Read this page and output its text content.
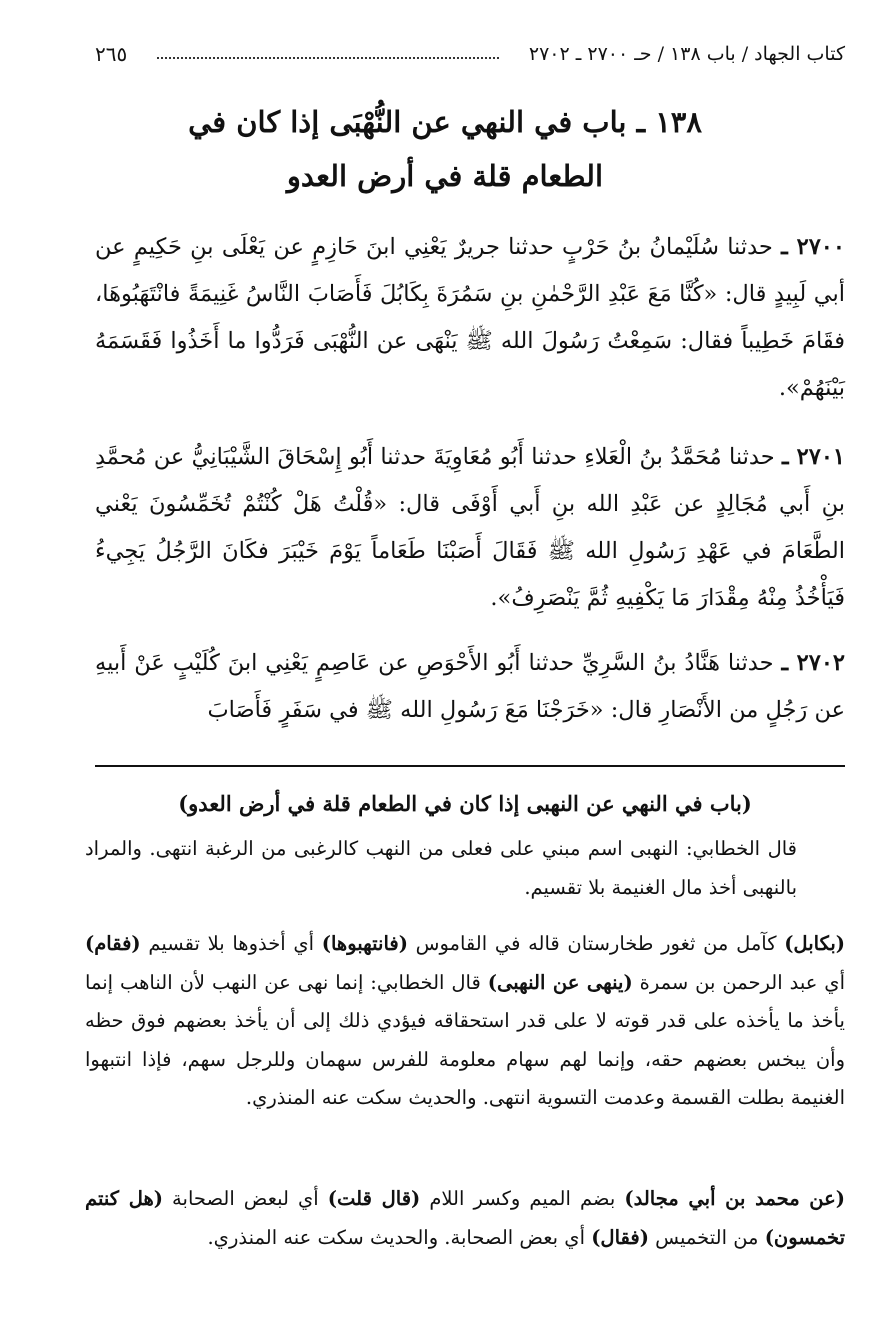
كتاب الجهاد / باب ١٣٨ / حـ ٢٧٠٠ ـ ٢٧٠٢
٢٦٥
١٣٨ ـ باب في النهي عن النُّهْبَى إذا كان في
الطعام قلة في أرض العدو
٢٧٠٠ ـ حدثنا سُلَيْمانُ بنُ حَرْبٍ حدثنا جريرٌ يَعْنِي ابنَ حَازِمٍ عن يَعْلَى بنِ حَكِيمٍ عن أبي لَبِيدٍ قال: «كُنَّا مَعَ عَبْدِ الرَّحْمٰنِ بنِ سَمُرَةَ بِكَابُلَ فَأَصَابَ النَّاسُ غَنِيمَةً فانْتَهَبُوهَا، فقَامَ خَطِيباً فقال: سَمِعْتُ رَسُولَ الله ﷺ يَنْهَى عن النُّهْبَى فَرَدُّوا ما أَخَذُوا فَقَسَمَهُ بَيْنَهُمْ».
٢٧٠١ ـ حدثنا مُحَمَّدُ بنُ الْعَلاءِ حدثنا أَبُو مُعَاوِيَةَ حدثنا أَبُو إِسْحَاقَ الشَّيْبَانِيُّ عن مُحمَّدِ بنِ أَبي مُجَالِدٍ عن عَبْدِ الله بنِ أَبي أَوْفَى قال: «قُلْتُ هَلْ كُنْتُمْ تُخَمِّسُونَ يَعْني الطَّعَامَ في عَهْدِ رَسُولِ الله ﷺ فَقَالَ أَصَبْنَا طَعَاماً يَوْمَ خَيْبَرَ فكَانَ الرَّجُلُ يَجِيءُ فَيَأْخُذُ مِنْهُ مِقْدَارَ مَا يَكْفِيهِ ثُمَّ يَنْصَرِفُ».
٢٧٠٢ ـ حدثنا هَنَّادُ بنُ السَّرِيِّ حدثنا أَبُو الأَحْوَصِ عن عَاصِمٍ يَعْنِي ابنَ كُلَيْبٍ عَنْ أَبيهِ عن رَجُلٍ من الأَنْصَارِ قال: «خَرَجْنَا مَعَ رَسُولِ الله ﷺ في سَفَرٍ فَأَصَابَ
(باب في النهي عن النهبى إذا كان في الطعام قلة في أرض العدو)
قال الخطابي: النهبى اسم مبني على فعلى من النهب كالرغبى من الرغبة انتهى. والمراد بالنهبى أخذ مال الغنيمة بلا تقسيم.
(بكابل) كآمل من ثغور طخارستان قاله في القاموس (فانتهبوها) أي أخذوها بلا تقسيم (فقام) أي عبد الرحمن بن سمرة (ينهى عن النهبى) قال الخطابي: إنما نهى عن النهب لأن الناهب إنما يأخذ ما يأخذه على قدر قوته لا على قدر استحقاقه فيؤدي ذلك إلى أن يأخذ بعضهم فوق حظه وأن يبخس بعضهم حقه، وإنما لهم سهام معلومة للفرس سهمان وللرجل سهم، فإذا انتبهوا الغنيمة بطلت القسمة وعدمت التسوية انتهى. والحديث سكت عنه المنذري.
(عن محمد بن أبي مجالد) بضم الميم وكسر اللام (قال قلت) أي لبعض الصحابة (هل كنتم تخمسون) من التخميس (فقال) أي بعض الصحابة. والحديث سكت عنه المنذري.
